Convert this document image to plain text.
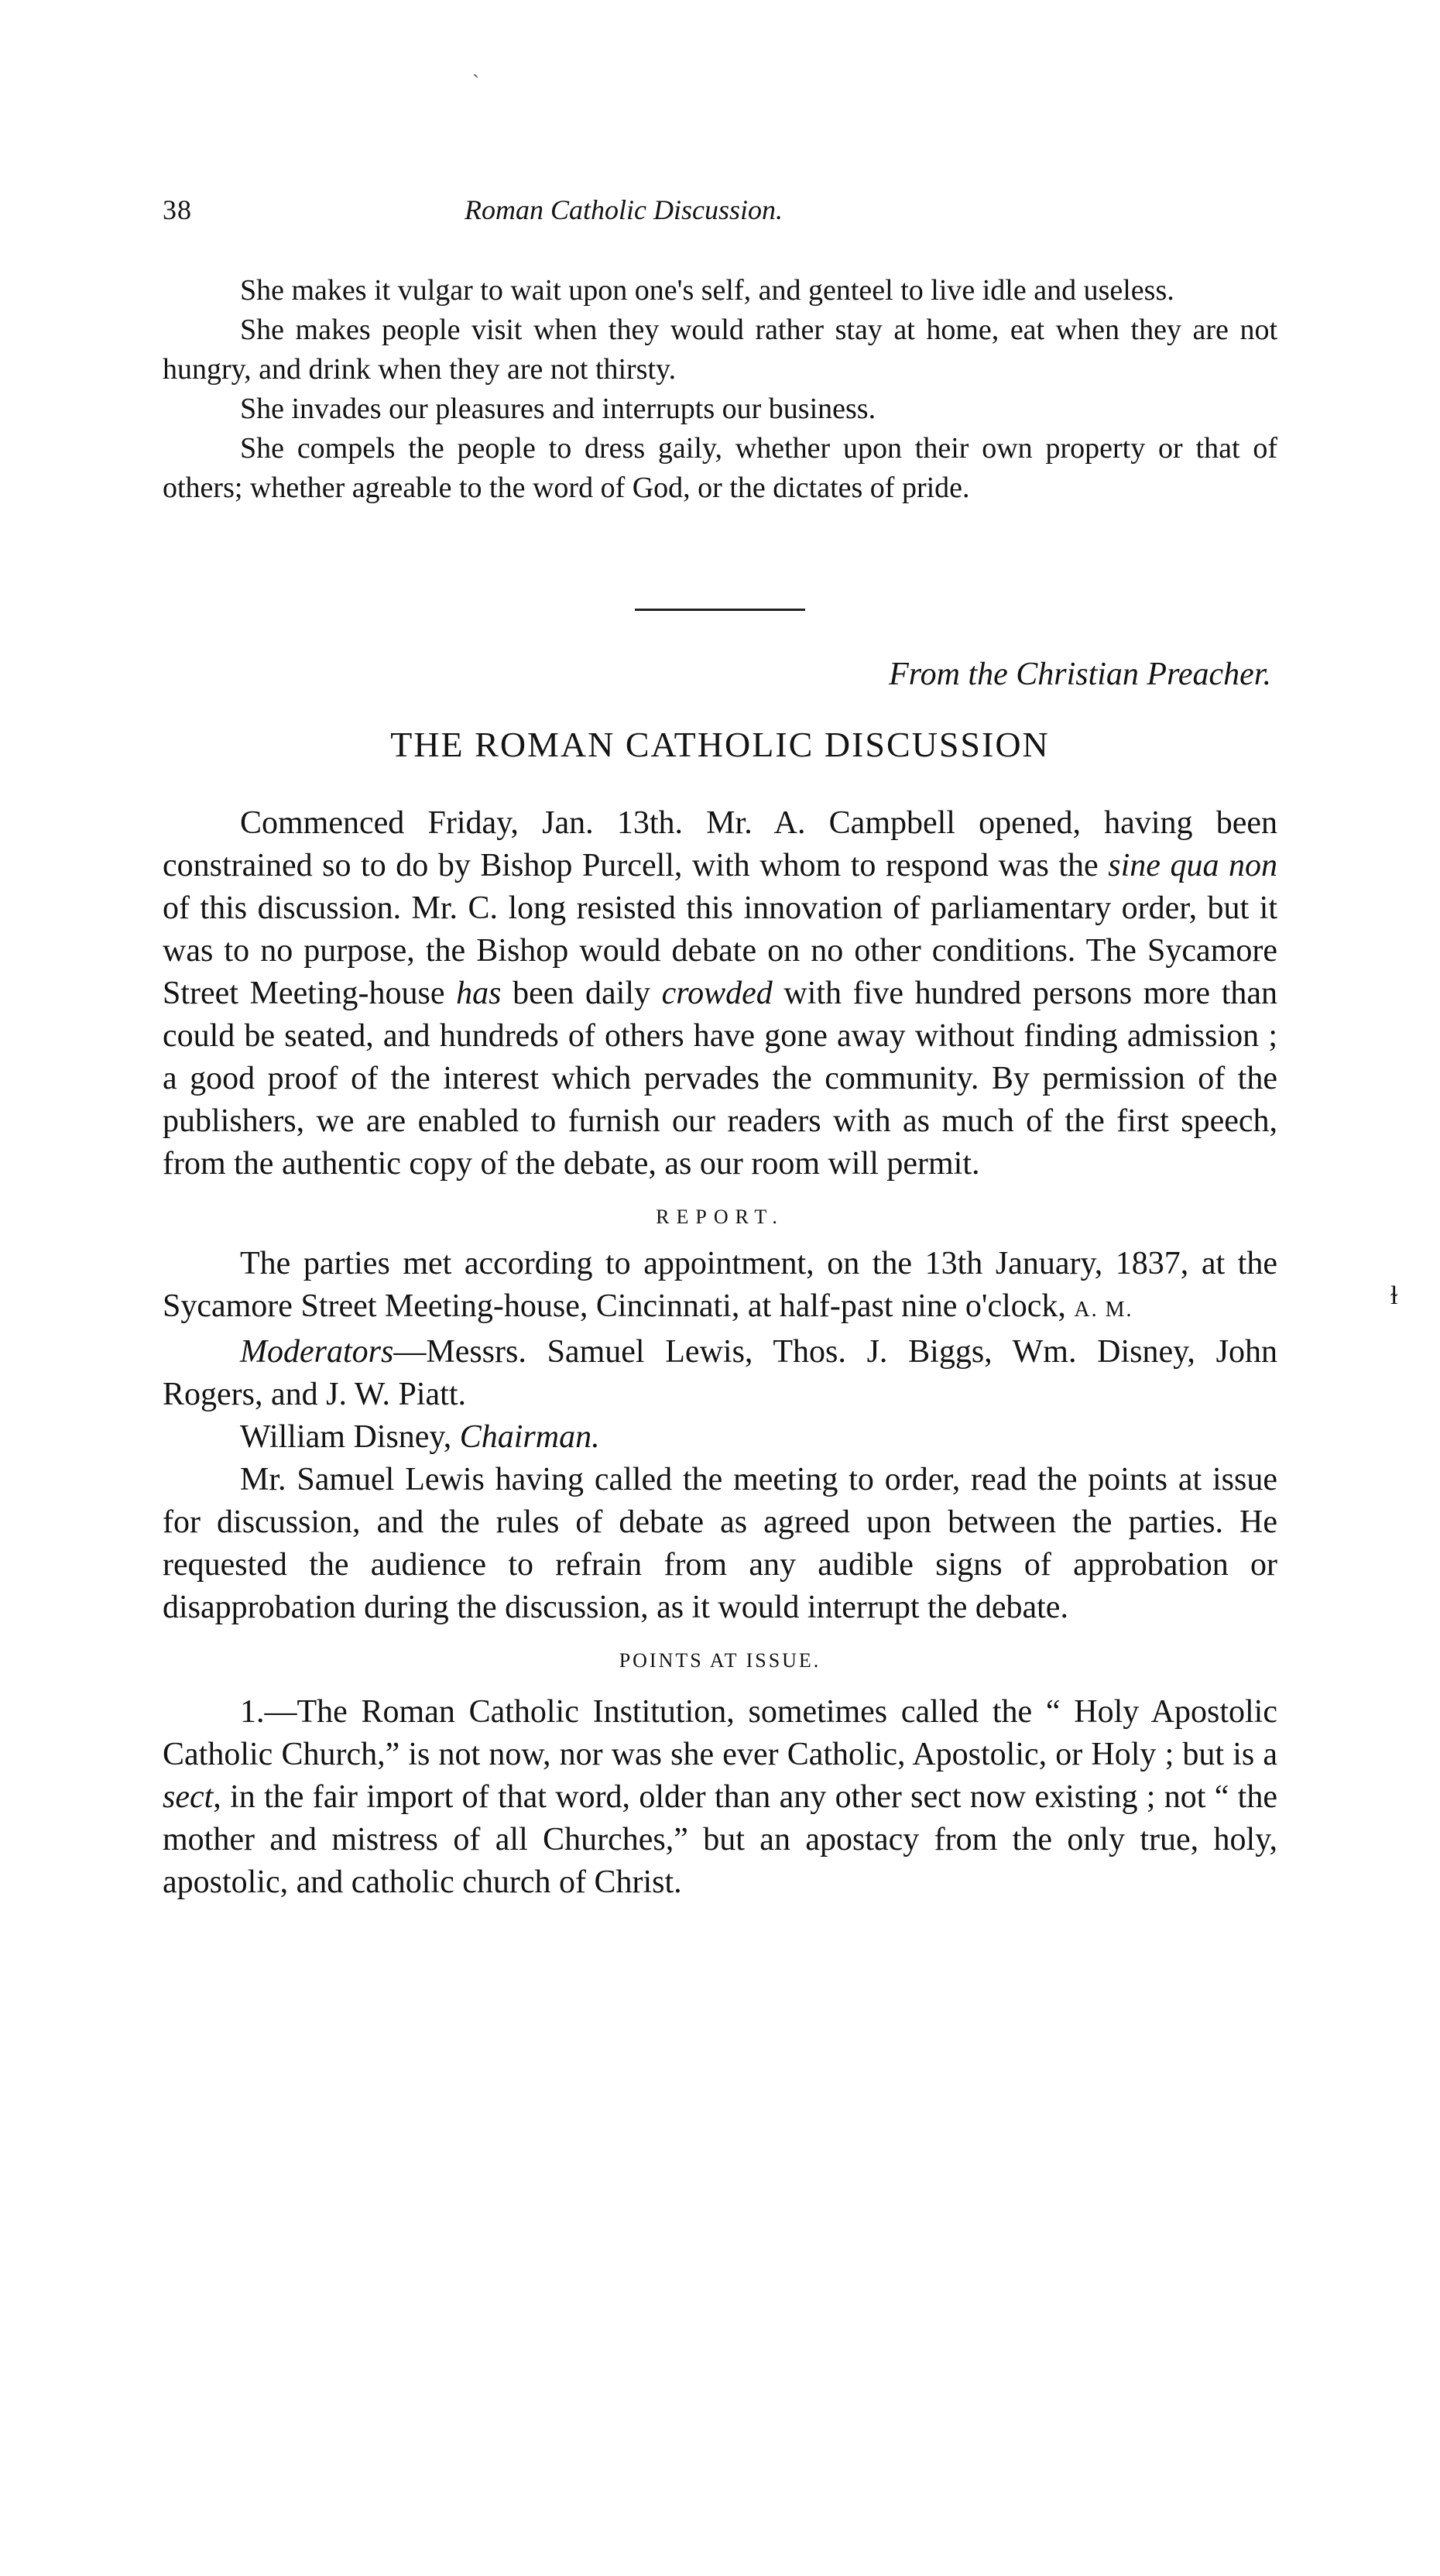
ˋ
38	Roman Catholic Discussion.

She makes it vulgar to wait upon one's self, and genteel to live idle and useless.

She makes people visit when they would rather stay at home, eat when they are not hungry, and drink when they are not thirsty.

She invades our pleasures and interrupts our business.

She compels the people to dress gaily, whether upon their own property or that of others; whether agreable to the word of God, or the dictates of pride.

From the Christian Preacher.
THE ROMAN CATHOLIC DISCUSSION

Commenced Friday, Jan. 13th. Mr. A. Campbell opened, having been constrained so to do by Bishop Purcell, with whom to respond was the sine qua non of this discussion. Mr. C. long resisted this innovation of parliamentary order, but it was to no purpose, the Bishop would debate on no other conditions. The Sycamore Street Meeting-house has been daily crowded with five hundred persons more than could be seated, and hundreds of others have gone away without finding admission ; a good proof of the interest which pervades the community. By permission of the publishers, we are enabled to furnish our readers with as much of the first speech, from the authentic copy of the debate, as our room will permit.

REPORT.

The parties met according to appointment, on the 13th January, 1837, at the Sycamore Street Meeting-house, Cincinnati, at half-past nine o'clock, A. M.

Moderators—Messrs. Samuel Lewis, Thos. J. Biggs, Wm. Disney, John Rogers, and J. W. Piatt.

William Disney, Chairman.

Mr. Samuel Lewis having called the meeting to order, read the points at issue for discussion, and the rules of debate as agreed upon between the parties. He requested the audience to refrain from any audible signs of approbation or disapprobation during the discussion, as it would interrupt the debate.

POINTS AT ISSUE.

1.—The Roman Catholic Institution, sometimes called the “ Holy Apostolic Catholic Church,” is not now, nor was she ever Catholic, Apostolic, or Holy ; but is a sect, in the fair import of that word, older than any other sect now existing ; not “ the mother and mistress of all Churches,” but an apostacy from the only true, holy, apostolic, and catholic church of Christ.

ɫ
